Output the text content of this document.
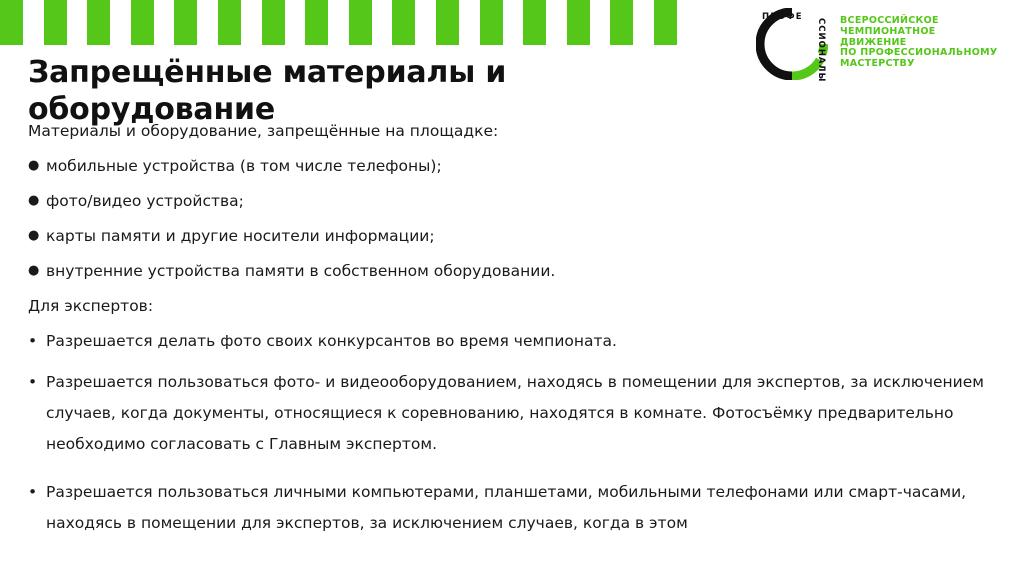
ПРОФЕ
ССИОНАЛЫ ВСЕРОССИЙСКОЕ
ЧЕМПИОНАТНОЕ
ДВИЖЕНИЕ
ПО ПРОФЕССИОНАЛЬНОМУ
МАСТЕРСТВУ
Запрещённые материалы и оборудование

Материалы и оборудование, запрещённые на площадке:

● мобильные устройства (в том числе телефоны);
● фото/видео устройства;
● карты памяти и другие носители информации;
● внутренние устройства памяти в собственном оборудовании.

Для экспертов:

• Разрешается делать фото своих конкурсантов во время чемпионата.
• Разрешается пользоваться фото- и видеооборудованием, находясь в помещении для экспертов, за исключением случаев, когда документы, относящиеся к соревнованию, находятся в комнате. Фотосъёмку предварительно необходимо согласовать с Главным экспертом.
• Разрешается пользоваться личными компьютерами, планшетами, мобильными телефонами или смарт-часами, находясь в помещении для экспертов, за исключением случаев, когда в этом
